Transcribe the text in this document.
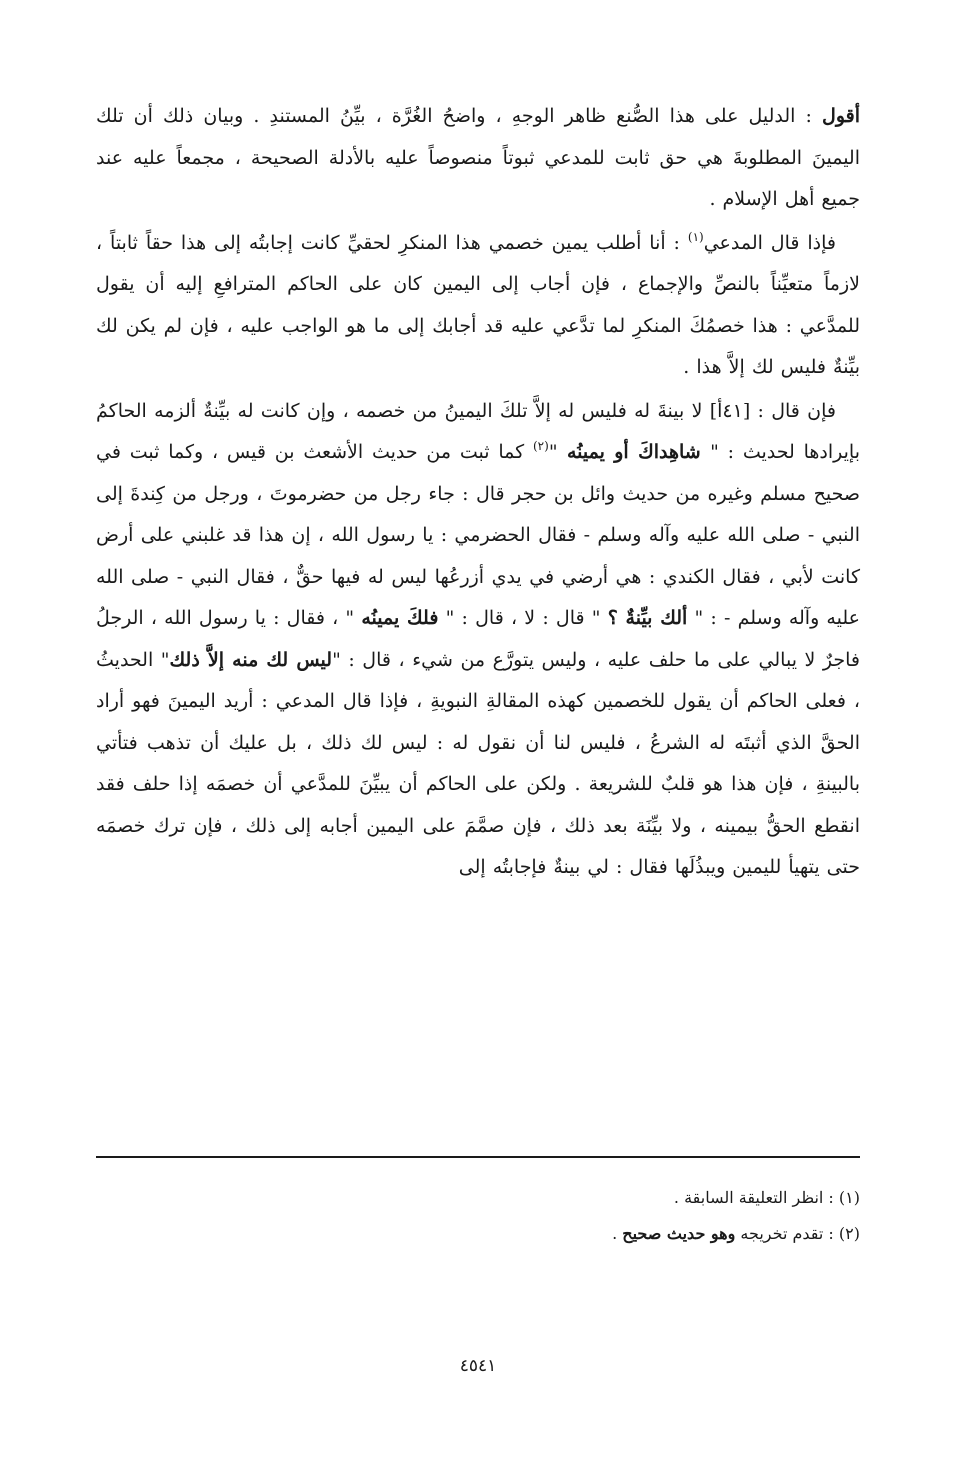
أقول : الدليل على هذا الصُّنع ظاهر الوجهِ ، واضحُ الغُرَّة ، بيِّنُ المستندِ . وبيان ذلك أن تلك اليمينَ المطلوبةَ هي حق ثابت للمدعي ثبوتاً منصوصاً عليه بالأدلة الصحيحة ، مجمعاً عليه عند جميع أهل الإسلام .

فإذا قال المدعي$^{(١)}$ : أنا أطلب يمين خصمي هذا المنكرِ لحقيِّ كانت إجابتُه إلى هذا حقاً ثابتاً ، لازماً متعيِّناً بالنصِّ والإجماع ، فإن أجاب إلى اليمين كان على الحاكم المترافعِ إليه أن يقول للمدَّعي : هذا خصمُكَ المنكرِ لما تدَّعي عليه قد أجابك إلى ما هو الواجب عليه ، فإن لم يكن لك بيِّنةٌ فليس لك إلاَّ هذا .

فإن قال : [٤١أ] لا بينةَ له فليس له إلاَّ تلكَ اليمينُ من خصمه ، وإن كانت له بيِّنةٌ ألزمه الحاكمُ بإيرادها لحديث : " شاهِداكَ أو يمينُه "$^{(٢)}$ كما ثبت من حديث الأشعث بن قيس ، وكما ثبت في صحيح مسلم وغيره من حديث وائل بن حجر قال : جاء رجل من حضرموتَ ، ورجل من كِندةَ إلى النبي - صلى الله عليه وآله وسلم - فقال الحضرمي : يا رسول الله ، إن هذا قد غلبني على أرض كانت لأبي ، فقال الكندي : هي أرضي في يدي أزرعُها ليس له فيها حقٌّ ، فقال النبي - صلى الله عليه وآله وسلم - : " ألك بيِّنةٌ ؟ " قال : لا ، قال : " فلكَ يمينُه " ، فقال : يا رسول الله ، الرجلُ فاجرٌ لا يبالي على ما حلف عليه ، وليس يتورَّع من شيء ، قال : "ليس لك منه إلاَّ ذلك" الحديثُ ، فعلى الحاكم أن يقول للخصمين كهذه المقالةِ النبويةِ ، فإذا قال المدعي : أريد اليمينَ فهو أراد الحقَّ الذي أثبتَه له الشرعُ ، فليس لنا أن نقول له : ليس لك ذلك ، بل عليك أن تذهب فتأتي بالبينةِ ، فإن هذا هو قلبٌ للشريعة . ولكن على الحاكم أن يبيِّنَ للمدَّعي أن خصمَه إذا حلف فقد انقطع الحقُّ بيمينه ، ولا بيِّنَة بعد ذلك ، فإن صمَّمَ على اليمين أجابه إلى ذلك ، فإن ترك خصمَه حتى يتهيأ لليمين ويبذُلَها فقال : لي بينةٌ فإجابتُه إلى

(١) : انظر التعليقة السابقة .

(٢) : تقدم تخريجه وهو حديث صحيح .

٤٥٤١
